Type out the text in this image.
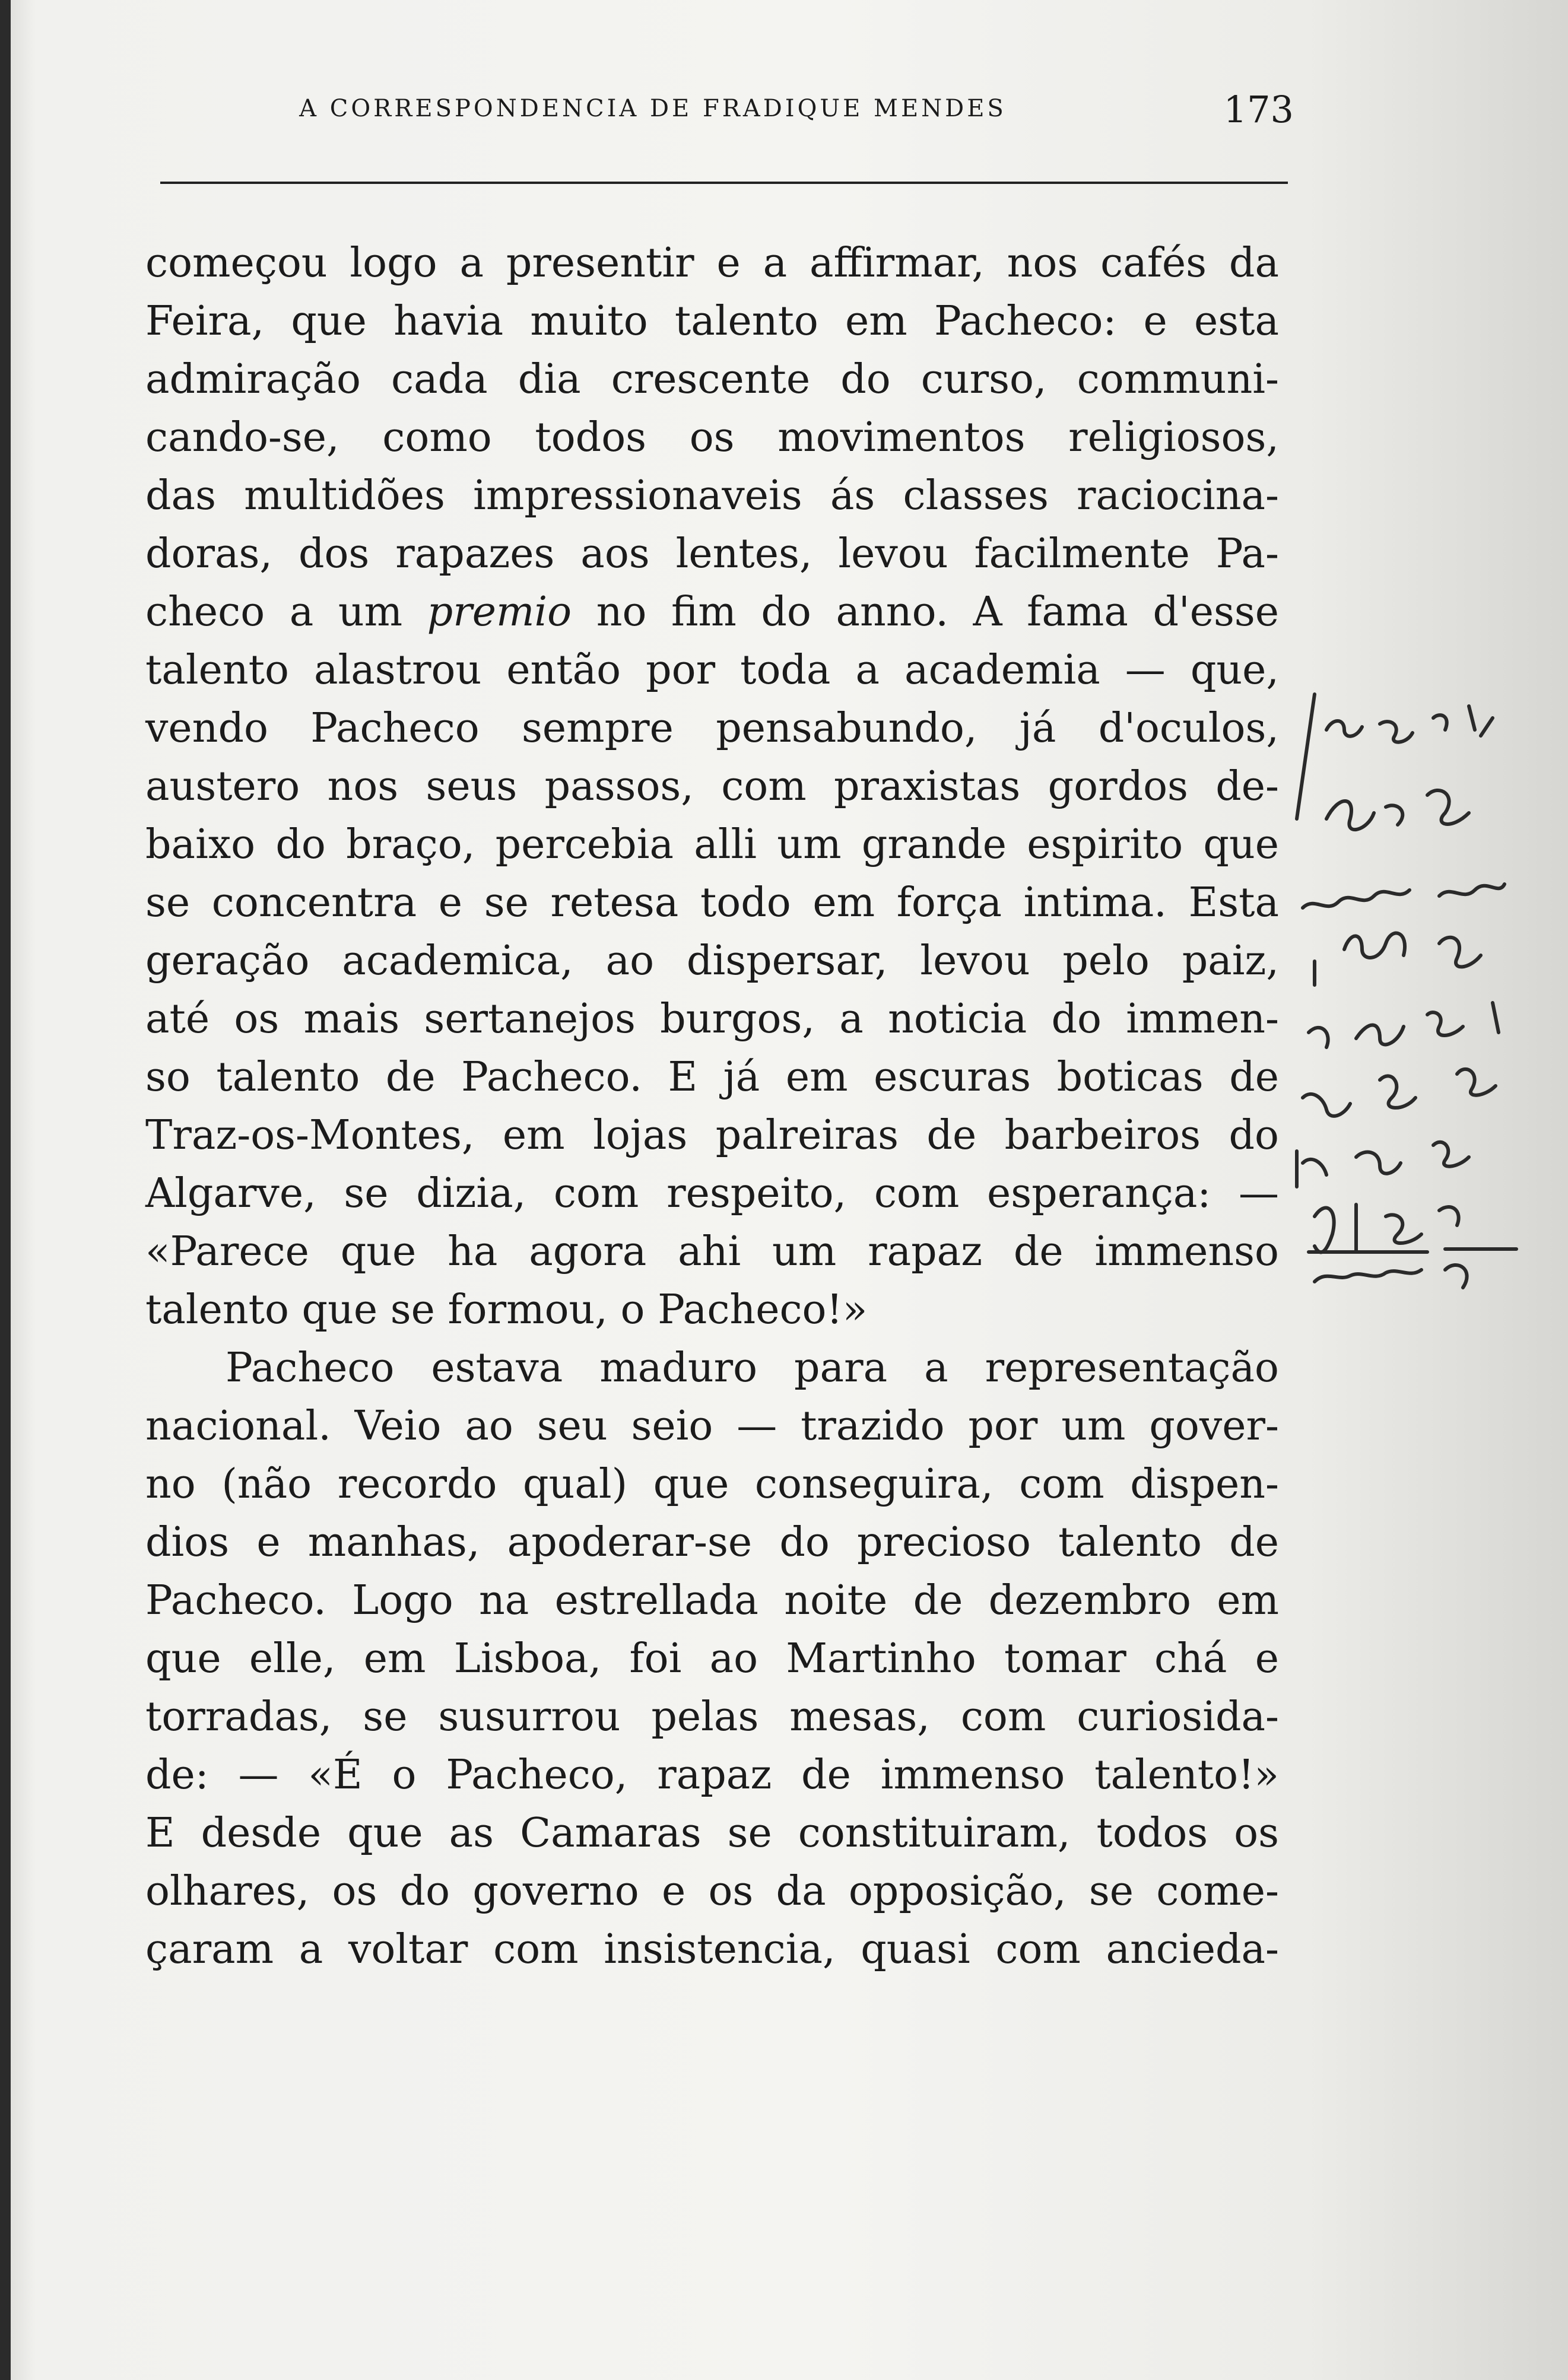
A CORRESPONDENCIA DE FRADIQUE MENDES	173
começou logo a presentir e a affirmar, nos cafés da
Feira, que havia muito talento em Pacheco: e esta
admiração cada dia crescente do curso, communi-
cando-se, como todos os movimentos religiosos,
das multidões impressionaveis ás classes raciocina-
doras, dos rapazes aos lentes, levou facilmente Pa-
checo a um premio no fim do anno. A fama d'esse
talento alastrou então por toda a academia — que,
vendo Pacheco sempre pensabundo, já d'oculos,
austero nos seus passos, com praxistas gordos de-
baixo do braço, percebia alli um grande espirito que
se concentra e se retesa todo em força intima. Esta
geração academica, ao dispersar, levou pelo paiz,
até os mais sertanejos burgos, a noticia do immen-
so talento de Pacheco. E já em escuras boticas de
Traz-os-Montes, em lojas palreiras de barbeiros do
Algarve, se dizia, com respeito, com esperança: —
«Parece que ha agora ahi um rapaz de immenso
talento que se formou, o Pacheco!»
Pacheco estava maduro para a representação
nacional. Veio ao seu seio — trazido por um gover-
no (não recordo qual) que conseguira, com dispen-
dios e manhas, apoderar-se do precioso talento de
Pacheco. Logo na estrellada noite de dezembro em
que elle, em Lisboa, foi ao Martinho tomar chá e
torradas, se susurrou pelas mesas, com curiosida-
de: — «É o Pacheco, rapaz de immenso talento!»
E desde que as Camaras se constituiram, todos os
olhares, os do governo e os da opposição, se come-
çaram a voltar com insistencia, quasi com ancieda-
